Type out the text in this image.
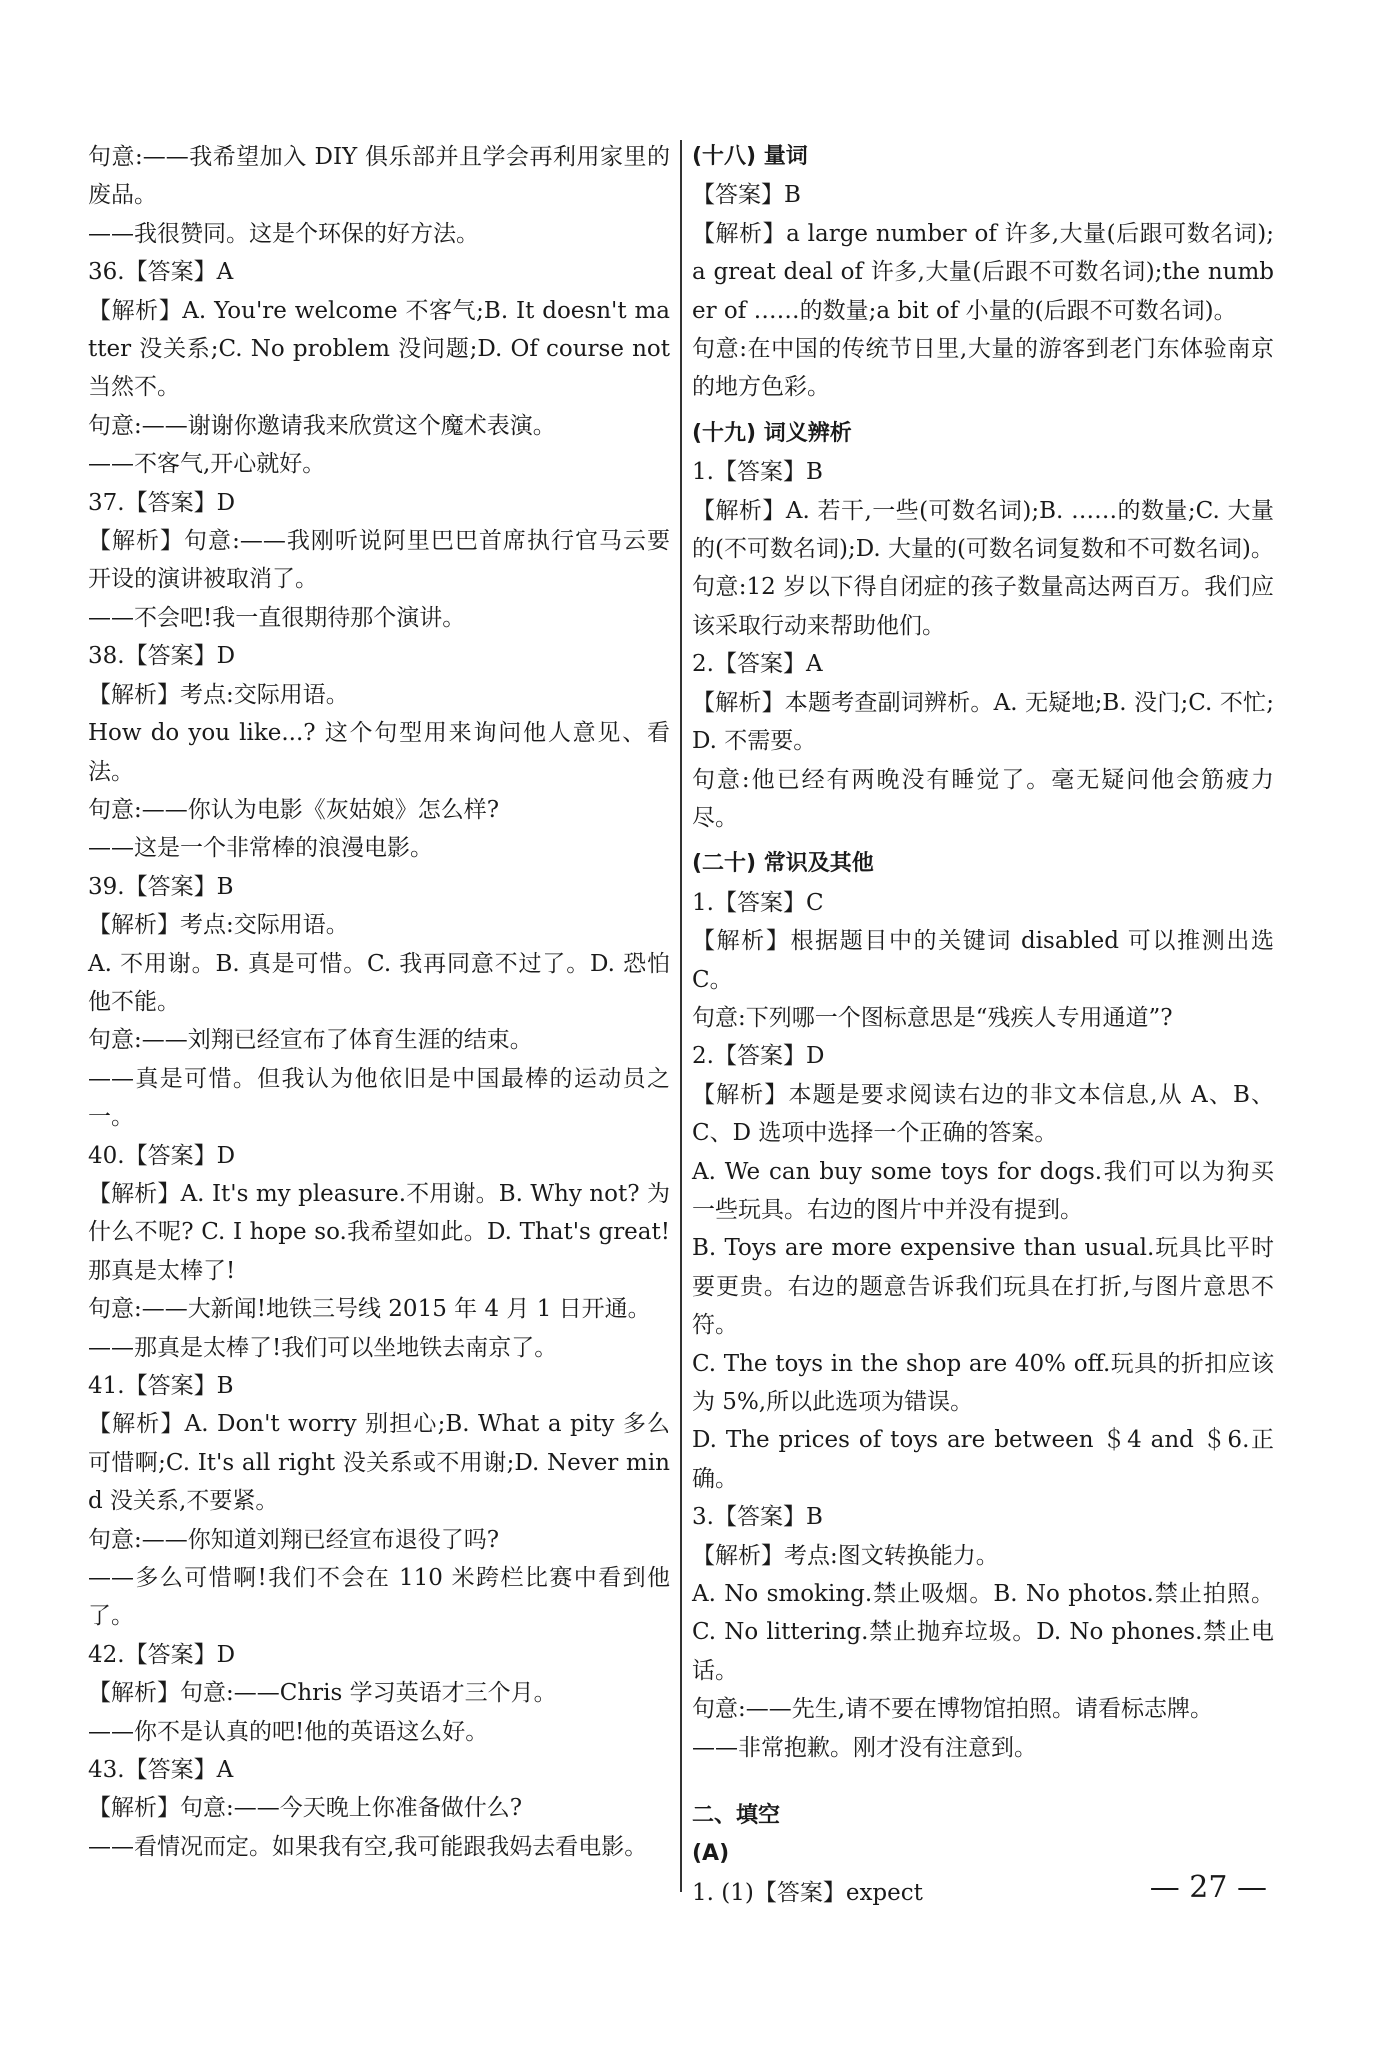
句意:——我希望加入 DIY 俱乐部并且学会再利用家里的废品。

——我很赞同。这是个环保的好方法。

36.【答案】A

【解析】A. You're welcome 不客气;B. It doesn't matter 没关系;C. No problem 没问题;D. Of course not 当然不。

句意:——谢谢你邀请我来欣赏这个魔术表演。

——不客气,开心就好。

37.【答案】D

【解析】句意:——我刚听说阿里巴巴首席执行官马云要开设的演讲被取消了。

——不会吧!我一直很期待那个演讲。

38.【答案】D

【解析】考点:交际用语。

How do you like...? 这个句型用来询问他人意见、看法。

句意:——你认为电影《灰姑娘》怎么样?

——这是一个非常棒的浪漫电影。

39.【答案】B

【解析】考点:交际用语。

A. 不用谢。B. 真是可惜。C. 我再同意不过了。D. 恐怕他不能。

句意:——刘翔已经宣布了体育生涯的结束。

——真是可惜。但我认为他依旧是中国最棒的运动员之一。

40.【答案】D

【解析】A. It's my pleasure.不用谢。B. Why not? 为什么不呢? C. I hope so.我希望如此。D. That's great! 那真是太棒了!

句意:——大新闻!地铁三号线 2015 年 4 月 1 日开通。

——那真是太棒了!我们可以坐地铁去南京了。

41.【答案】B

【解析】A. Don't worry 别担心;B. What a pity 多么可惜啊;C. It's all right 没关系或不用谢;D. Never mind 没关系,不要紧。

句意:——你知道刘翔已经宣布退役了吗?

——多么可惜啊!我们不会在 110 米跨栏比赛中看到他了。

42.【答案】D

【解析】句意:——Chris 学习英语才三个月。

——你不是认真的吧!他的英语这么好。

43.【答案】A

【解析】句意:——今天晚上你准备做什么?

——看情况而定。如果我有空,我可能跟我妈去看电影。

(十八) 量词

【答案】B

【解析】a large number of 许多,大量(后跟可数名词);a great deal of 许多,大量(后跟不可数名词);the number of ……的数量;a bit of 小量的(后跟不可数名词)。

句意:在中国的传统节日里,大量的游客到老门东体验南京的地方色彩。

(十九) 词义辨析

1.【答案】B

【解析】A. 若干,一些(可数名词);B. ……的数量;C. 大量的(不可数名词);D. 大量的(可数名词复数和不可数名词)。

句意:12 岁以下得自闭症的孩子数量高达两百万。我们应该采取行动来帮助他们。

2.【答案】A

【解析】本题考查副词辨析。A. 无疑地;B. 没门;C. 不忙;D. 不需要。

句意:他已经有两晚没有睡觉了。毫无疑问他会筋疲力尽。

(二十) 常识及其他

1.【答案】C

【解析】根据题目中的关键词 disabled 可以推测出选 C。

句意:下列哪一个图标意思是“残疾人专用通道”?

2.【答案】D

【解析】本题是要求阅读右边的非文本信息,从 A、B、C、D 选项中选择一个正确的答案。

A. We can buy some toys for dogs.我们可以为狗买一些玩具。右边的图片中并没有提到。

B. Toys are more expensive than usual.玩具比平时要更贵。右边的题意告诉我们玩具在打折,与图片意思不符。

C. The toys in the shop are 40% off.玩具的折扣应该为 5%,所以此选项为错误。

D. The prices of toys are between ＄4 and ＄6.正确。

3.【答案】B

【解析】考点:图文转换能力。

A. No smoking.禁止吸烟。B. No photos.禁止拍照。C. No littering.禁止抛弃垃圾。D. No phones.禁止电话。

句意:——先生,请不要在博物馆拍照。请看标志牌。

——非常抱歉。刚才没有注意到。

二、填空

(A)

1. (1)【答案】expect	— 27 —
